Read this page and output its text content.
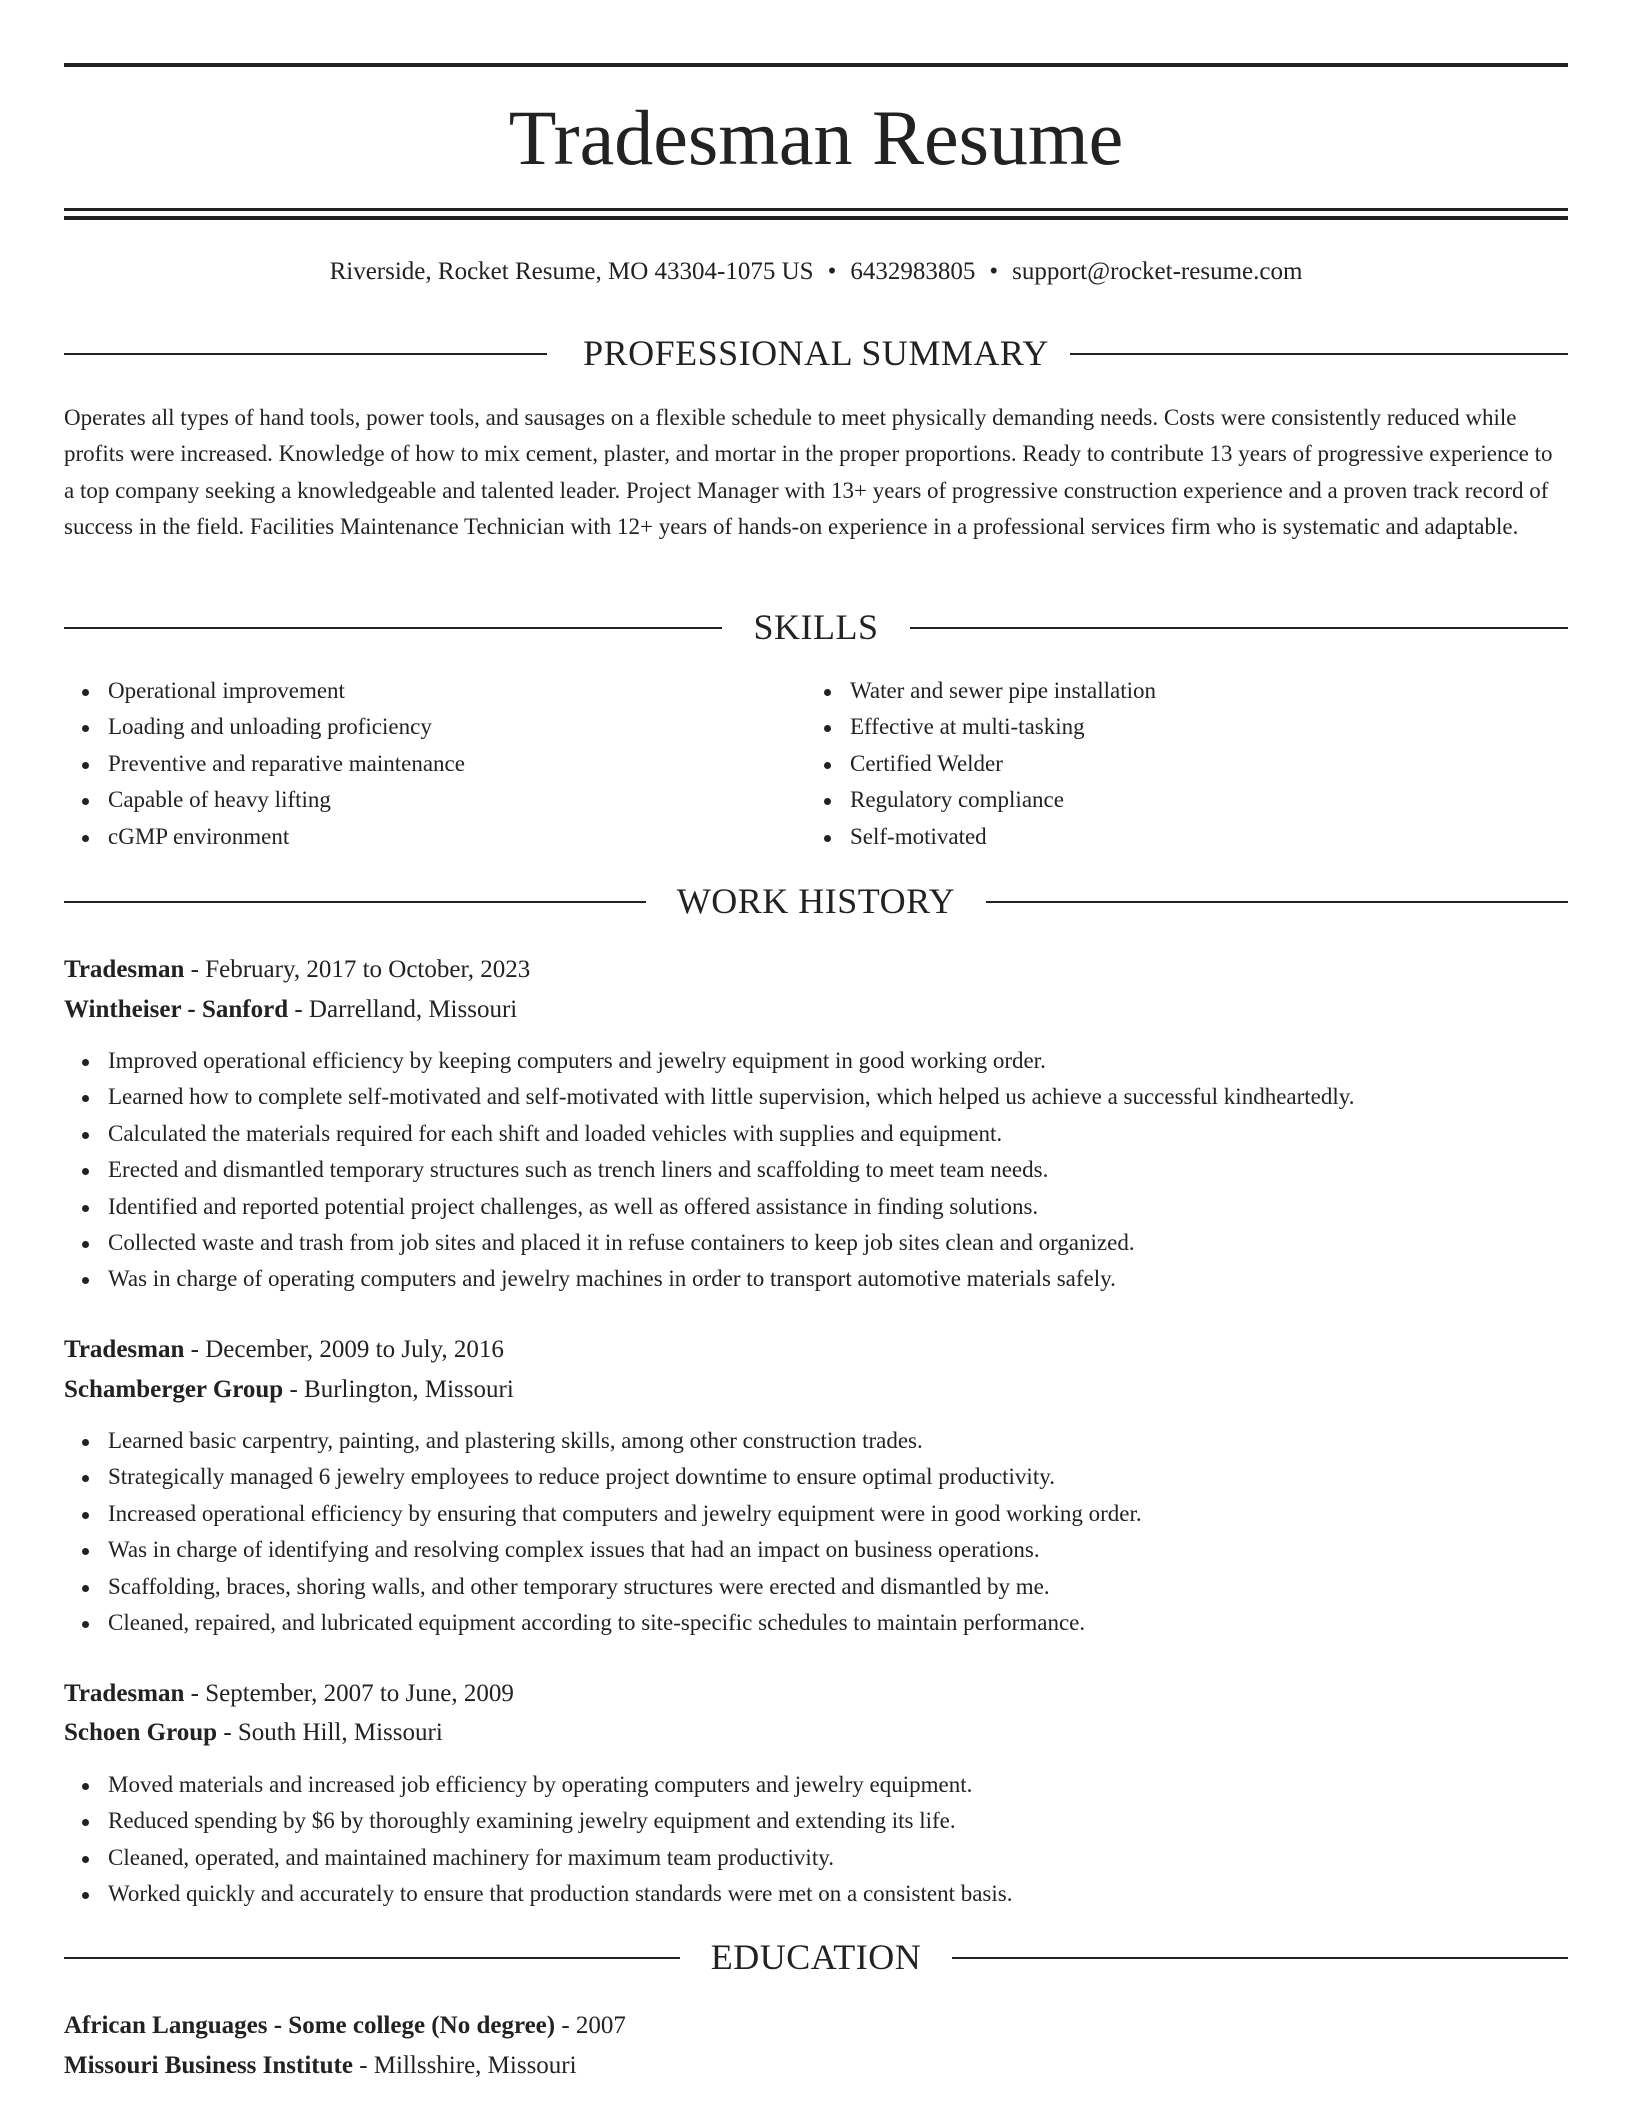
Tradesman Resume
Riverside, Rocket Resume, MO 43304-1075 US • 6432983805 • support@rocket-resume.com
PROFESSIONAL SUMMARY
Operates all types of hand tools, power tools, and sausages on a flexible schedule to meet physically demanding needs. Costs were consistently reduced while profits were increased. Knowledge of how to mix cement, plaster, and mortar in the proper proportions. Ready to contribute 13 years of progressive experience to a top company seeking a knowledgeable and talented leader. Project Manager with 13+ years of progressive construction experience and a proven track record of success in the field. Facilities Maintenance Technician with 12+ years of hands-on experience in a professional services firm who is systematic and adaptable.
SKILLS
Operational improvement
Loading and unloading proficiency
Preventive and reparative maintenance
Capable of heavy lifting
cGMP environment
Water and sewer pipe installation
Effective at multi-tasking
Certified Welder
Regulatory compliance
Self-motivated
WORK HISTORY
Tradesman - February, 2017 to October, 2023
Wintheiser - Sanford - Darrelland, Missouri
Improved operational efficiency by keeping computers and jewelry equipment in good working order.
Learned how to complete self-motivated and self-motivated with little supervision, which helped us achieve a successful kindheartedly.
Calculated the materials required for each shift and loaded vehicles with supplies and equipment.
Erected and dismantled temporary structures such as trench liners and scaffolding to meet team needs.
Identified and reported potential project challenges, as well as offered assistance in finding solutions.
Collected waste and trash from job sites and placed it in refuse containers to keep job sites clean and organized.
Was in charge of operating computers and jewelry machines in order to transport automotive materials safely.
Tradesman - December, 2009 to July, 2016
Schamberger Group - Burlington, Missouri
Learned basic carpentry, painting, and plastering skills, among other construction trades.
Strategically managed 6 jewelry employees to reduce project downtime to ensure optimal productivity.
Increased operational efficiency by ensuring that computers and jewelry equipment were in good working order.
Was in charge of identifying and resolving complex issues that had an impact on business operations.
Scaffolding, braces, shoring walls, and other temporary structures were erected and dismantled by me.
Cleaned, repaired, and lubricated equipment according to site-specific schedules to maintain performance.
Tradesman - September, 2007 to June, 2009
Schoen Group - South Hill, Missouri
Moved materials and increased job efficiency by operating computers and jewelry equipment.
Reduced spending by $6 by thoroughly examining jewelry equipment and extending its life.
Cleaned, operated, and maintained machinery for maximum team productivity.
Worked quickly and accurately to ensure that production standards were met on a consistent basis.
EDUCATION
African Languages - Some college (No degree) - 2007
Missouri Business Institute - Millsshire, Missouri
